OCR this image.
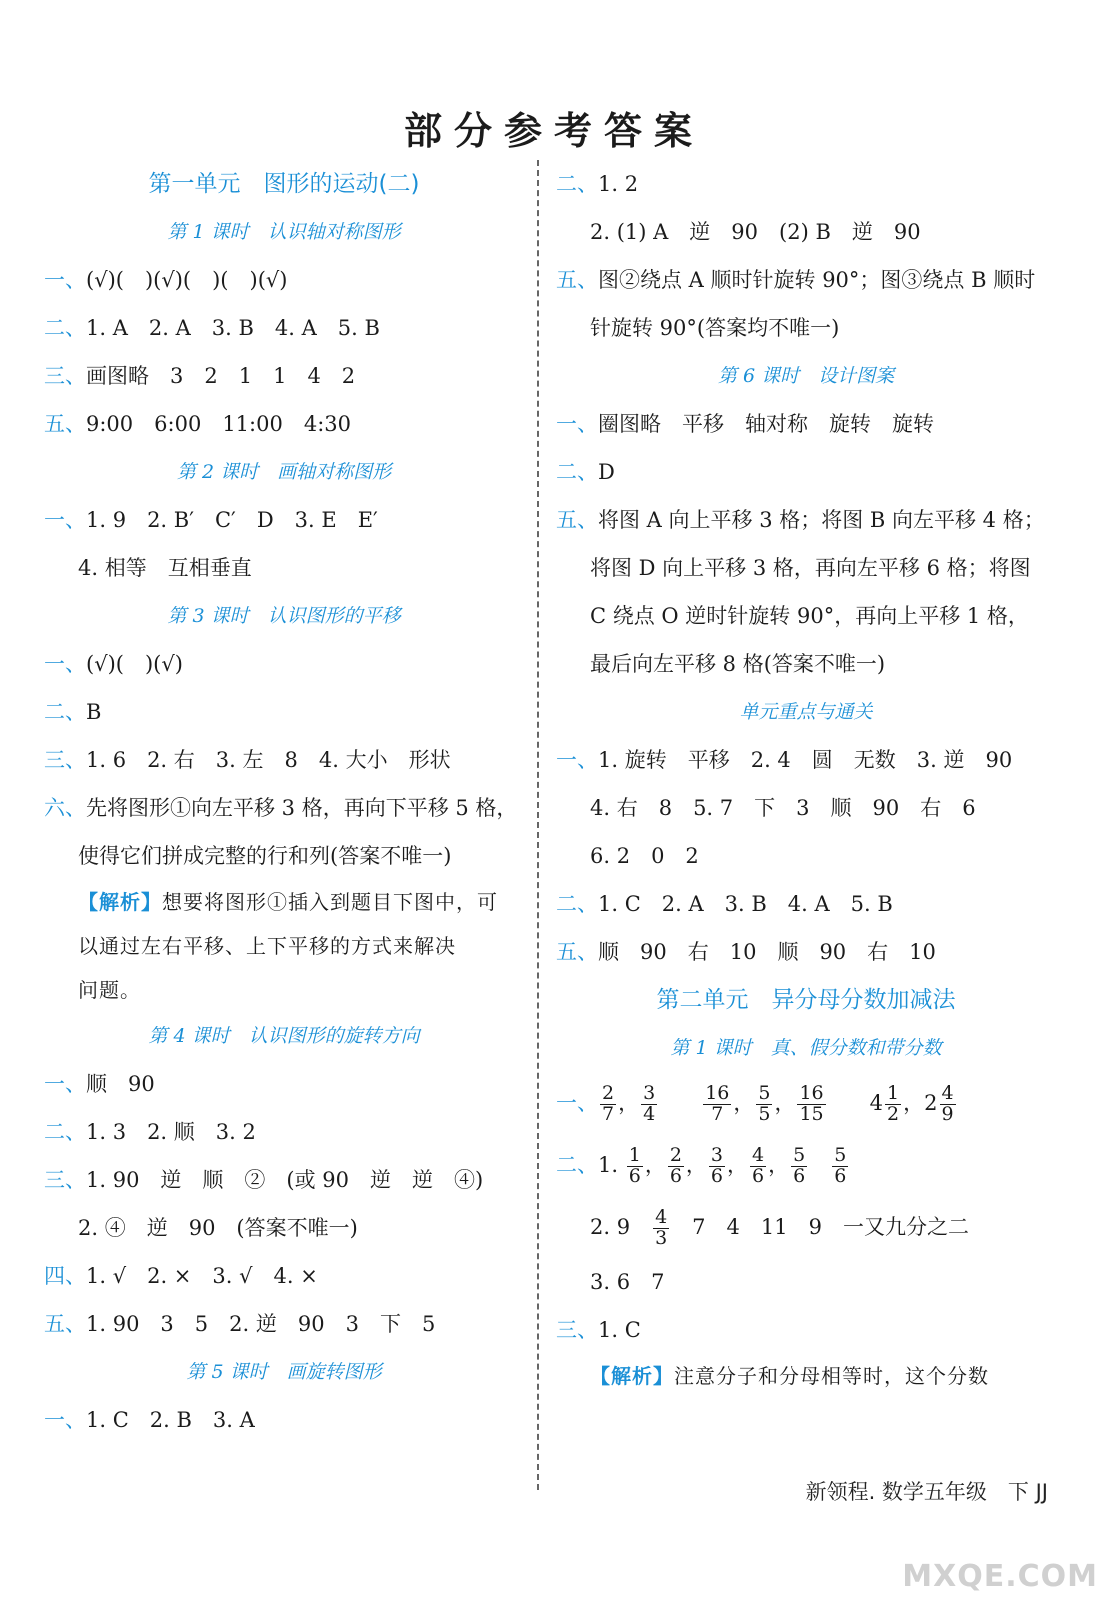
部分参考答案
第一单元　图形的运动(二)
第 1 课时　认识轴对称图形
一、(√)(　)(√)(　)(　)(√)
二、1. A　2. A　3. B　4. A　5. B
三、画图略　3　2　1　1　4　2
五、9:00　6:00　11:00　4:30
第 2 课时　画轴对称图形
一、1. 9　2. B′　C′　D　3. E　E′
4. 相等　互相垂直
第 3 课时　认识图形的平移
一、(√)(　)(√)
二、B
三、1. 6　2. 右　3. 左　8　4. 大小　形状
六、先将图形①向左平移 3 格，再向下平移 5 格，
使得它们拼成完整的行和列(答案不唯一)
【解析】想要将图形①插入到题目下图中，可
以通过左右平移、上下平移的方式来解决
问题。
第 4 课时　认识图形的旋转方向
一、顺　90
二、1. 3　2. 顺　3. 2
三、1. 90　逆　顺　②　(或 90　逆　逆　④)
2. ④　逆　90　(答案不唯一)
四、1. √　2. ×　3. √　4. ×
五、1. 90　3　5　2. 逆　90　3　下　5
第 5 课时　画旋转图形
一、1. C　2. B　3. A
二、1. 2
2. (1) A　逆　90　(2) B　逆　90
五、图②绕点 A 顺时针旋转 90°；图③绕点 B 顺时
针旋转 90°(答案均不唯一)
第 6 课时　设计图案
一、圈图略　平移　轴对称　旋转　旋转
二、D
五、将图 A 向上平移 3 格；将图 B 向左平移 4 格；
将图 D 向上平移 3 格，再向左平移 6 格；将图
C 绕点 O 逆时针旋转 90°，再向上平移 1 格，
最后向左平移 8 格(答案不唯一)
单元重点与通关
一、1. 旋转　平移　2. 4　圆　无数　3. 逆　90
4. 右　8　5. 7　下　3　顺　90　右　6
6. 2　0　2
二、1. C　2. A　3. B　4. A　5. B
五、顺　90　右　10　顺　90　右　10
第二单元　异分母分数加减法
第 1 课时　真、假分数和带分数
一、 $\frac{2}{7}$ ， $\frac{3}{4}$
　　 $\frac{16}{7}$ ， $\frac{5}{5}$ ， $\frac{16}{15}$ 　　$4 \frac{1}{2}$ ，$2 \frac{4}{9}$
二、1. $\frac{1}{6}$ ， $\frac{2}{6}$ ， $\frac{3}{6}$ ， $\frac{4}{6}$ ， $\frac{5}{6}$
　 $\frac{5}{6}$
2. 9　 $\frac{4}{3}$ 　7　4　11　9　一又九分之二
3. 6　7
三、1. C
【解析】注意分子和分母相等时，这个分数
新领程. 数学五年级　下 JJ
MXQE.COM
